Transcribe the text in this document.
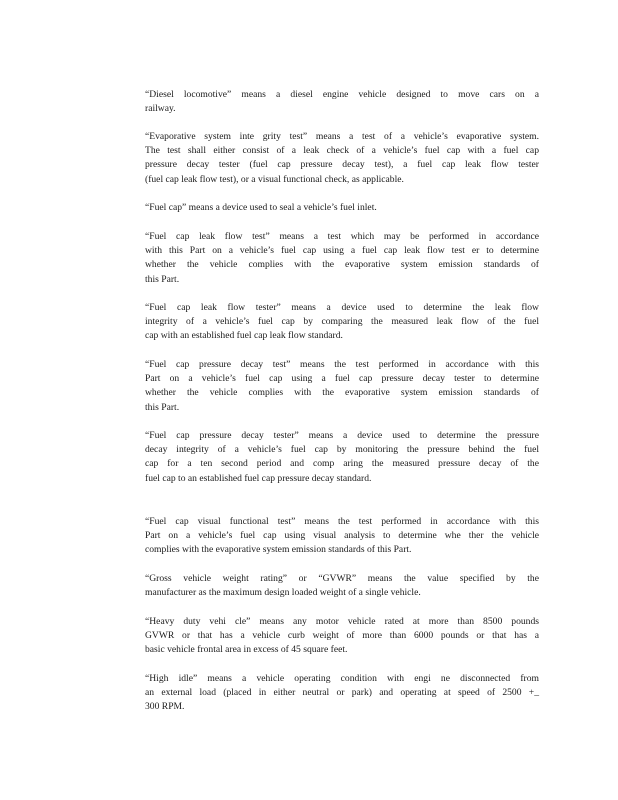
“Diesel locomotive” means a diesel engine vehicle designed to move cars on a
railway.
“Evaporative system inte grity test” means a test of a vehicle’s evaporative system.
The test shall either consist of a leak check of a vehicle’s fuel cap with a fuel cap
pressure decay tester (fuel cap pressure decay test), a fuel cap leak flow tester
(fuel cap leak flow test), or a visual functional check, as applicable.
“Fuel cap” means a device used to seal a vehicle’s fuel inlet.
“Fuel cap leak flow test” means a test which may be performed in accordance
with this Part on a vehicle’s fuel cap using a fuel cap leak flow test er to determine
whether the vehicle complies with the evaporative system emission standards of
this Part.
“Fuel cap leak flow tester” means a device used to determine the leak flow
integrity of a vehicle’s fuel cap by comparing the measured leak flow of the fuel
cap with an established fuel cap leak flow standard.
“Fuel cap pressure decay test” means the test performed in accordance with this
Part on a vehicle’s fuel cap using a fuel cap pressure decay tester to determine
whether the vehicle complies with the evaporative system emission standards of
this Part.
“Fuel cap pressure decay tester” means a device used to determine the pressure
decay integrity of a vehicle’s fuel cap by monitoring the pressure behind the fuel
cap for a ten second period and comp aring the measured pressure decay of the
fuel cap to an established fuel cap pressure decay standard.
“Fuel cap visual functional test” means the test performed in accordance with this
Part on a vehicle’s fuel cap using visual analysis to determine whe ther the vehicle
complies with the evaporative system emission standards of this Part.
“Gross vehicle weight rating” or “GVWR” means the value specified by the
manufacturer as the maximum design loaded weight of a single vehicle.
“Heavy duty vehi cle” means any motor vehicle rated at more than 8500 pounds
GVWR or that has a vehicle curb weight of more than 6000 pounds or that has a
basic vehicle frontal area in excess of 45 square feet.
“High idle” means a vehicle operating condition with engi ne disconnected from
an external load (placed in either neutral or park) and operating at speed of 2500 +_
300 RPM.
